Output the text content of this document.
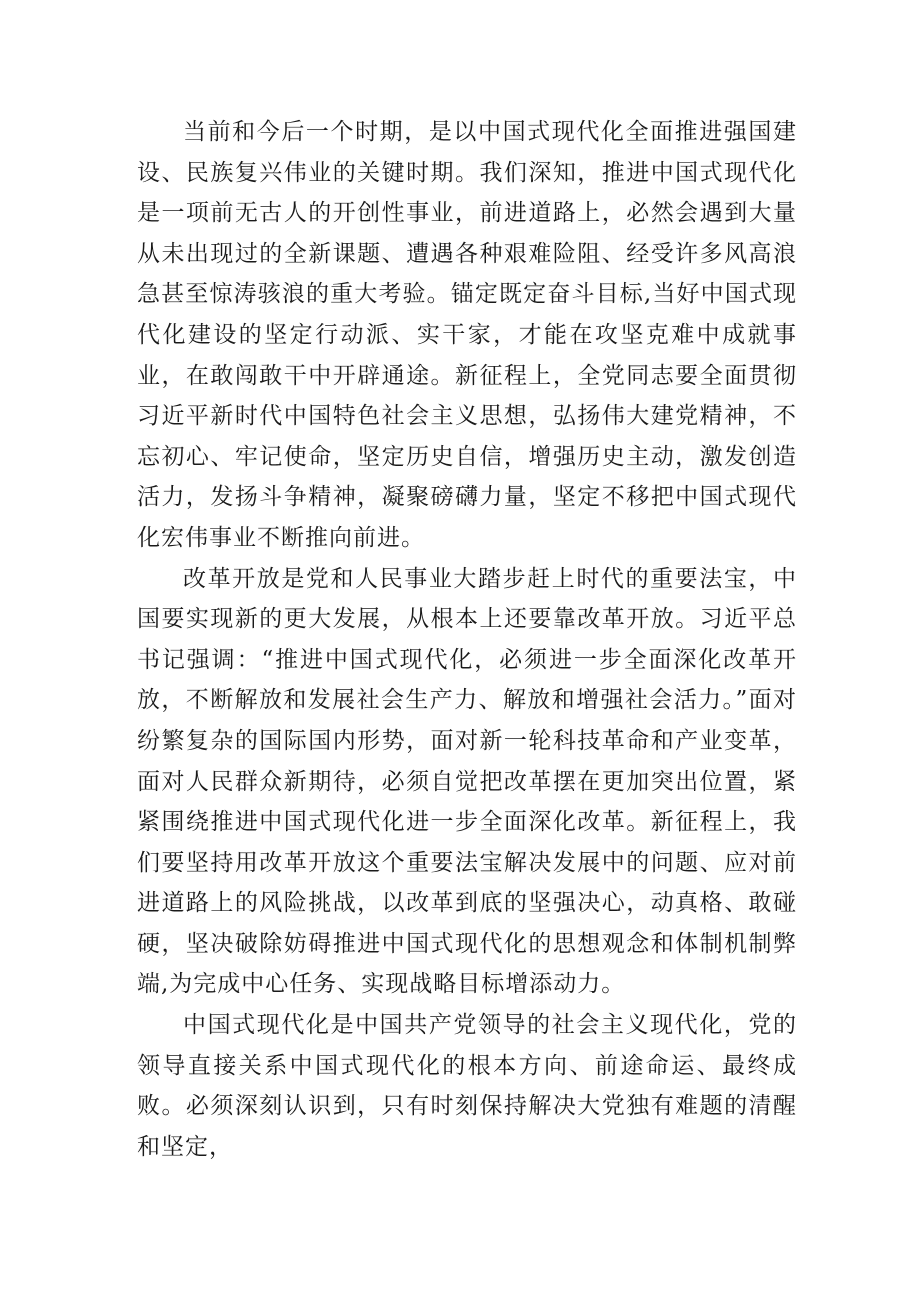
当前和今后一个时期，是以中国式现代化全面推进强国建设、民族复兴伟业的关键时期。我们深知，推进中国式现代化是一项前无古人的开创性事业，前进道路上，必然会遇到大量从未出现过的全新课题、遭遇各种艰难险阻、经受许多风高浪急甚至惊涛骇浪的重大考验。锚定既定奋斗目标,当好中国式现代化建设的坚定行动派、实干家，才能在攻坚克难中成就事业，在敢闯敢干中开辟通途。新征程上，全党同志要全面贯彻习近平新时代中国特色社会主义思想，弘扬伟大建党精神，不忘初心、牢记使命，坚定历史自信，增强历史主动，激发创造活力，发扬斗争精神，凝聚磅礴力量，坚定不移把中国式现代化宏伟事业不断推向前进。

改革开放是党和人民事业大踏步赶上时代的重要法宝，中国要实现新的更大发展，从根本上还要靠改革开放。习近平总书记强调：“推进中国式现代化，必须进一步全面深化改革开放，不断解放和发展社会生产力、解放和增强社会活力。”面对纷繁复杂的国际国内形势，面对新一轮科技革命和产业变革，面对人民群众新期待，必须自觉把改革摆在更加突出位置，紧紧围绕推进中国式现代化进一步全面深化改革。新征程上，我们要坚持用改革开放这个重要法宝解决发展中的问题、应对前进道路上的风险挑战，以改革到底的坚强决心，动真格、敢碰硬，坚决破除妨碍推进中国式现代化的思想观念和体制机制弊端,为完成中心任务、实现战略目标增添动力。

中国式现代化是中国共产党领导的社会主义现代化，党的领导直接关系中国式现代化的根本方向、前途命运、最终成败。必须深刻认识到，只有时刻保持解决大党独有难题的清醒和坚定，
